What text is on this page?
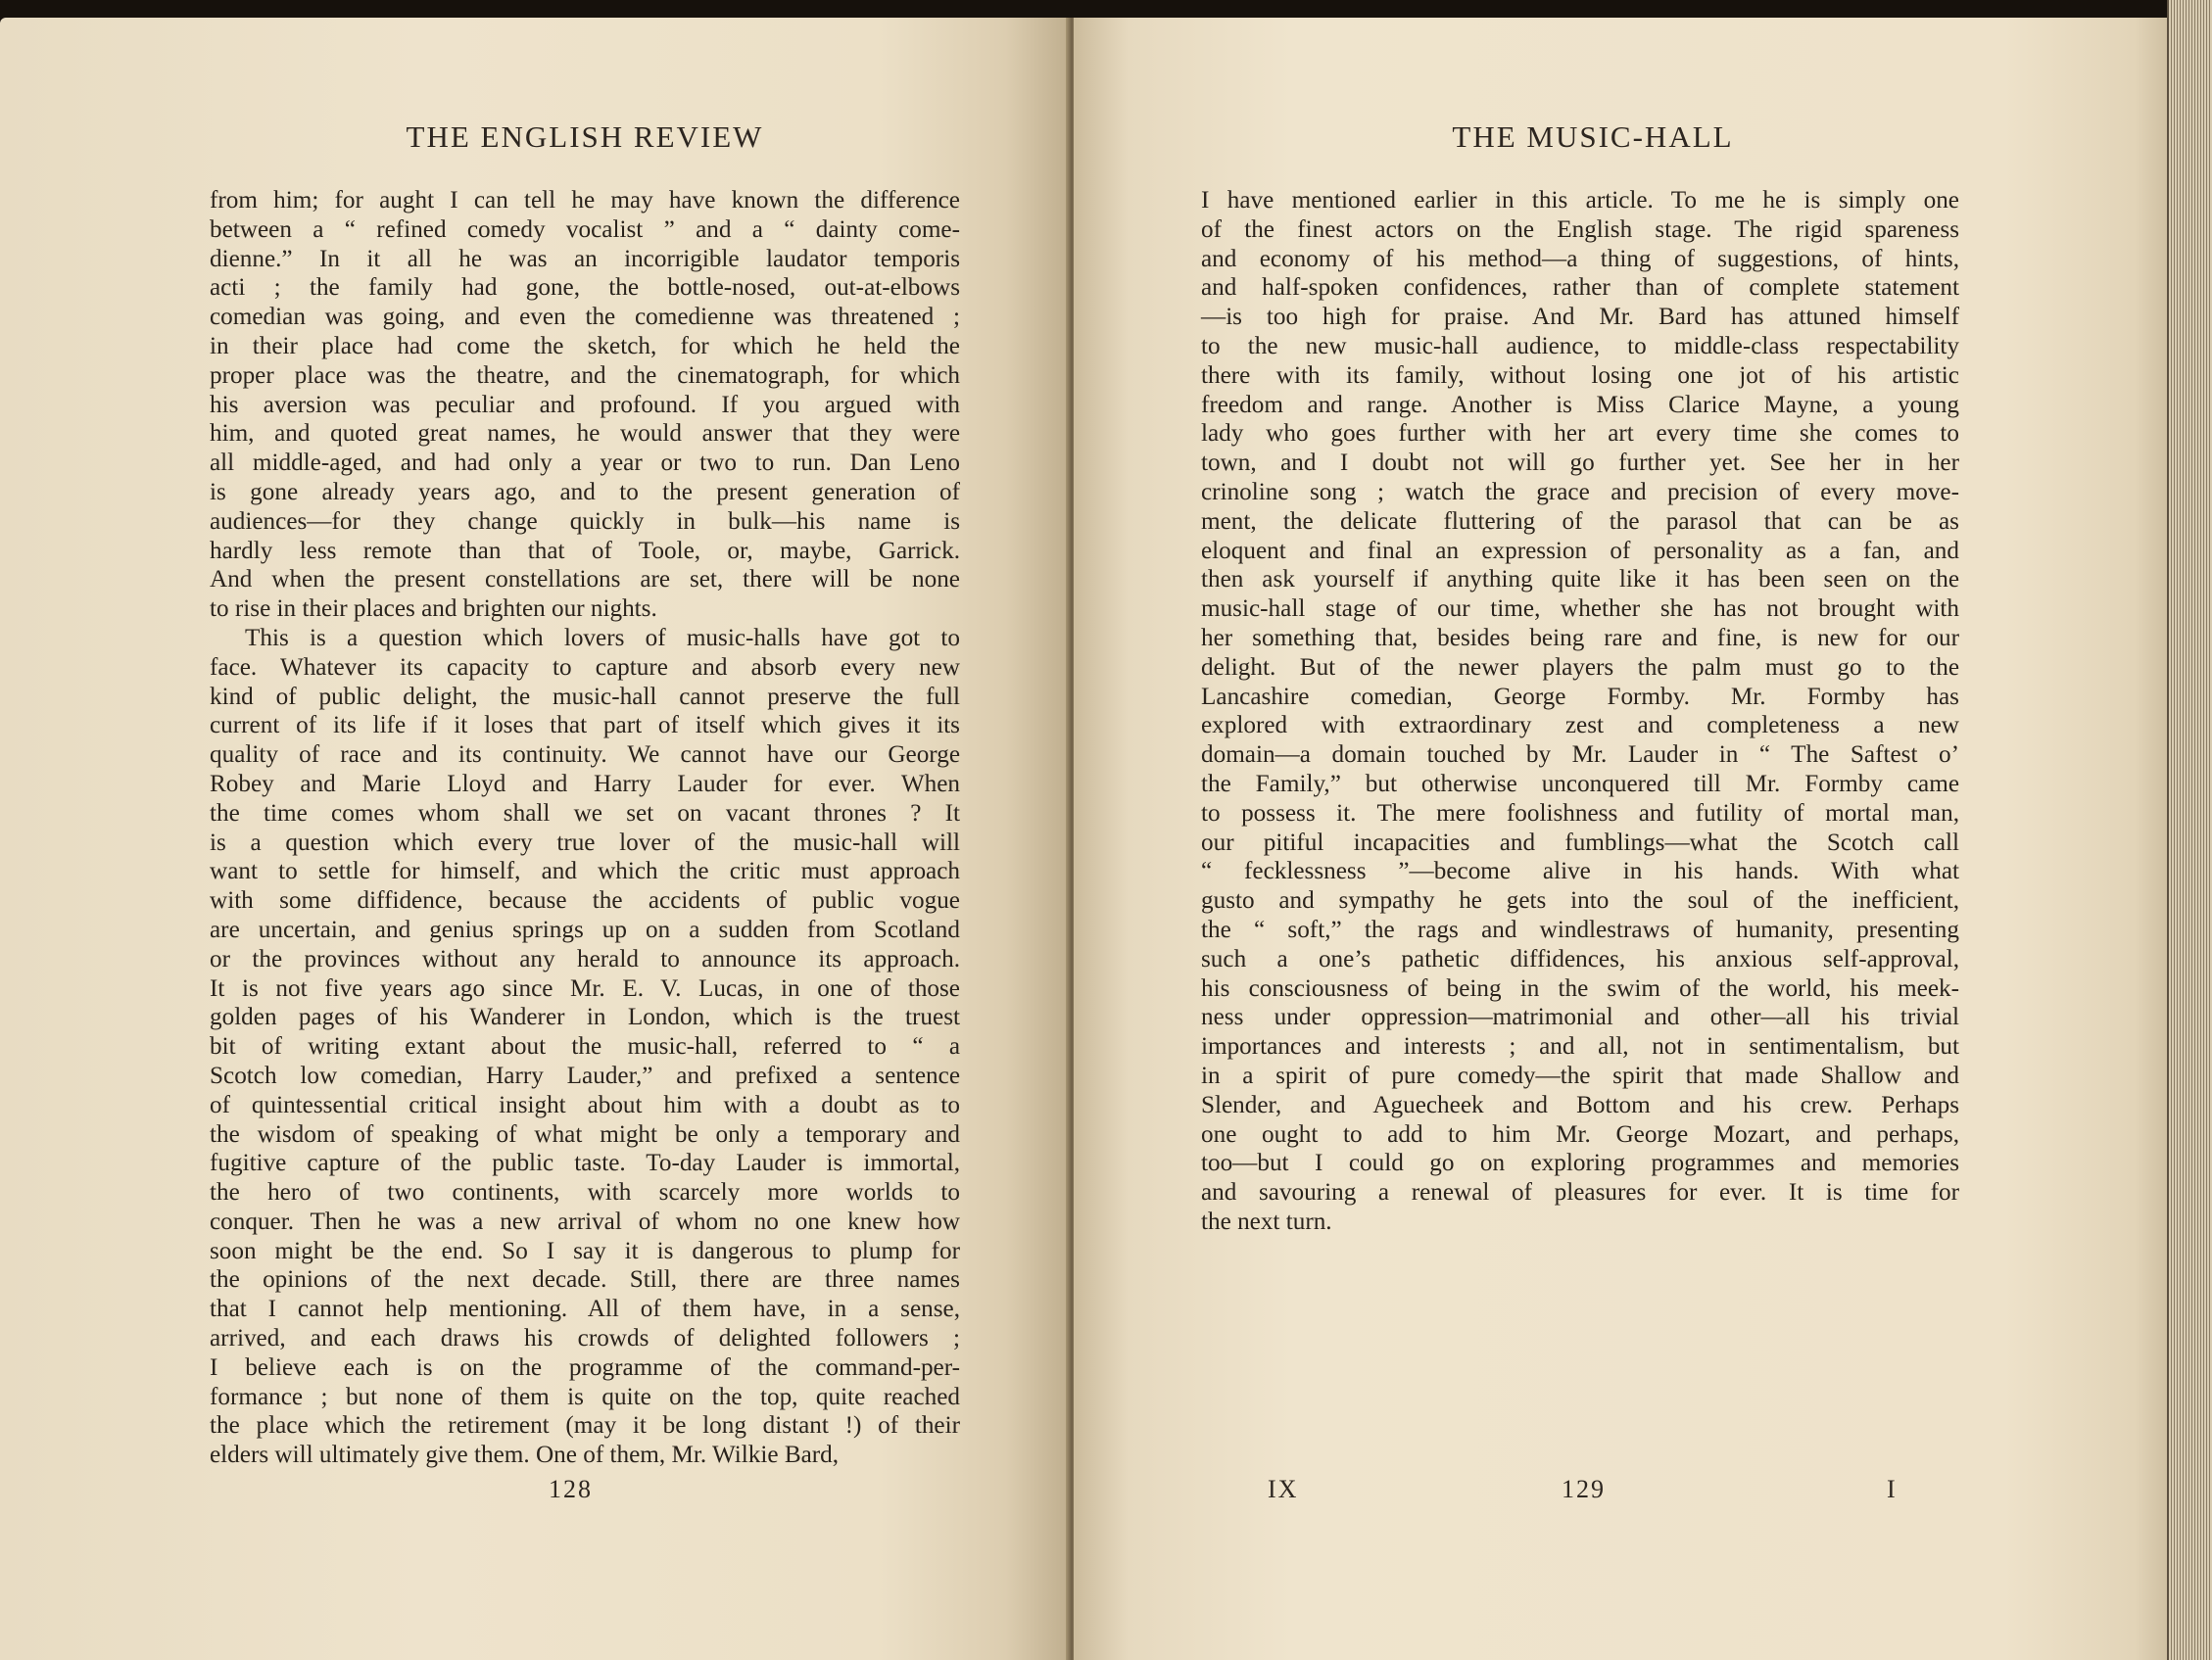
THE ENGLISH REVIEW
from him; for aught I can tell he may have known the difference
between a “ refined comedy vocalist ” and a “ dainty come-
dienne.” In it all he was an incorrigible laudator temporis
acti ; the family had gone, the bottle-nosed, out-at-elbows
comedian was going, and even the comedienne was threatened ;
in their place had come the sketch, for which he held the
proper place was the theatre, and the cinematograph, for which
his aversion was peculiar and profound. If you argued with
him, and quoted great names, he would answer that they were
all middle-aged, and had only a year or two to run. Dan Leno
is gone already years ago, and to the present generation of
audiences—for they change quickly in bulk—his name is
hardly less remote than that of Toole, or, maybe, Garrick.
And when the present constellations are set, there will be none
to rise in their places and brighten our nights.
This is a question which lovers of music-halls have got to
face. Whatever its capacity to capture and absorb every new
kind of public delight, the music-hall cannot preserve the full
current of its life if it loses that part of itself which gives it its
quality of race and its continuity. We cannot have our George
Robey and Marie Lloyd and Harry Lauder for ever. When
the time comes whom shall we set on vacant thrones ? It
is a question which every true lover of the music-hall will
want to settle for himself, and which the critic must approach
with some diffidence, because the accidents of public vogue
are uncertain, and genius springs up on a sudden from Scotland
or the provinces without any herald to announce its approach.
It is not five years ago since Mr. E. V. Lucas, in one of those
golden pages of his Wanderer in London, which is the truest
bit of writing extant about the music-hall, referred to “ a
Scotch low comedian, Harry Lauder,” and prefixed a sentence
of quintessential critical insight about him with a doubt as to
the wisdom of speaking of what might be only a temporary and
fugitive capture of the public taste. To-day Lauder is immortal,
the hero of two continents, with scarcely more worlds to
conquer. Then he was a new arrival of whom no one knew how
soon might be the end. So I say it is dangerous to plump for
the opinions of the next decade. Still, there are three names
that I cannot help mentioning. All of them have, in a sense,
arrived, and each draws his crowds of delighted followers ;
I believe each is on the programme of the command-per-
formance ; but none of them is quite on the top, quite reached
the place which the retirement (may it be long distant !) of their
elders will ultimately give them. One of them, Mr. Wilkie Bard,
128
THE MUSIC-HALL
I have mentioned earlier in this article. To me he is simply one
of the finest actors on the English stage. The rigid spareness
and economy of his method—a thing of suggestions, of hints,
and half-spoken confidences, rather than of complete statement
—is too high for praise. And Mr. Bard has attuned himself
to the new music-hall audience, to middle-class respectability
there with its family, without losing one jot of his artistic
freedom and range. Another is Miss Clarice Mayne, a young
lady who goes further with her art every time she comes to
town, and I doubt not will go further yet. See her in her
crinoline song ; watch the grace and precision of every move-
ment, the delicate fluttering of the parasol that can be as
eloquent and final an expression of personality as a fan, and
then ask yourself if anything quite like it has been seen on the
music-hall stage of our time, whether she has not brought with
her something that, besides being rare and fine, is new for our
delight. But of the newer players the palm must go to the
Lancashire comedian, George Formby. Mr. Formby has
explored with extraordinary zest and completeness a new
domain—a domain touched by Mr. Lauder in “ The Saftest o’
the Family,” but otherwise unconquered till Mr. Formby came
to possess it. The mere foolishness and futility of mortal man,
our pitiful incapacities and fumblings—what the Scotch call
“ fecklessness ”—become alive in his hands. With what
gusto and sympathy he gets into the soul of the inefficient,
the “ soft,” the rags and windlestraws of humanity, presenting
such a one’s pathetic diffidences, his anxious self-approval,
his consciousness of being in the swim of the world, his meek-
ness under oppression—matrimonial and other—all his trivial
importances and interests ; and all, not in sentimentalism, but
in a spirit of pure comedy—the spirit that made Shallow and
Slender, and Aguecheek and Bottom and his crew. Perhaps
one ought to add to him Mr. George Mozart, and perhaps,
too—but I could go on exploring programmes and memories
and savouring a renewal of pleasures for ever. It is time for
the next turn.
IX	129	I
